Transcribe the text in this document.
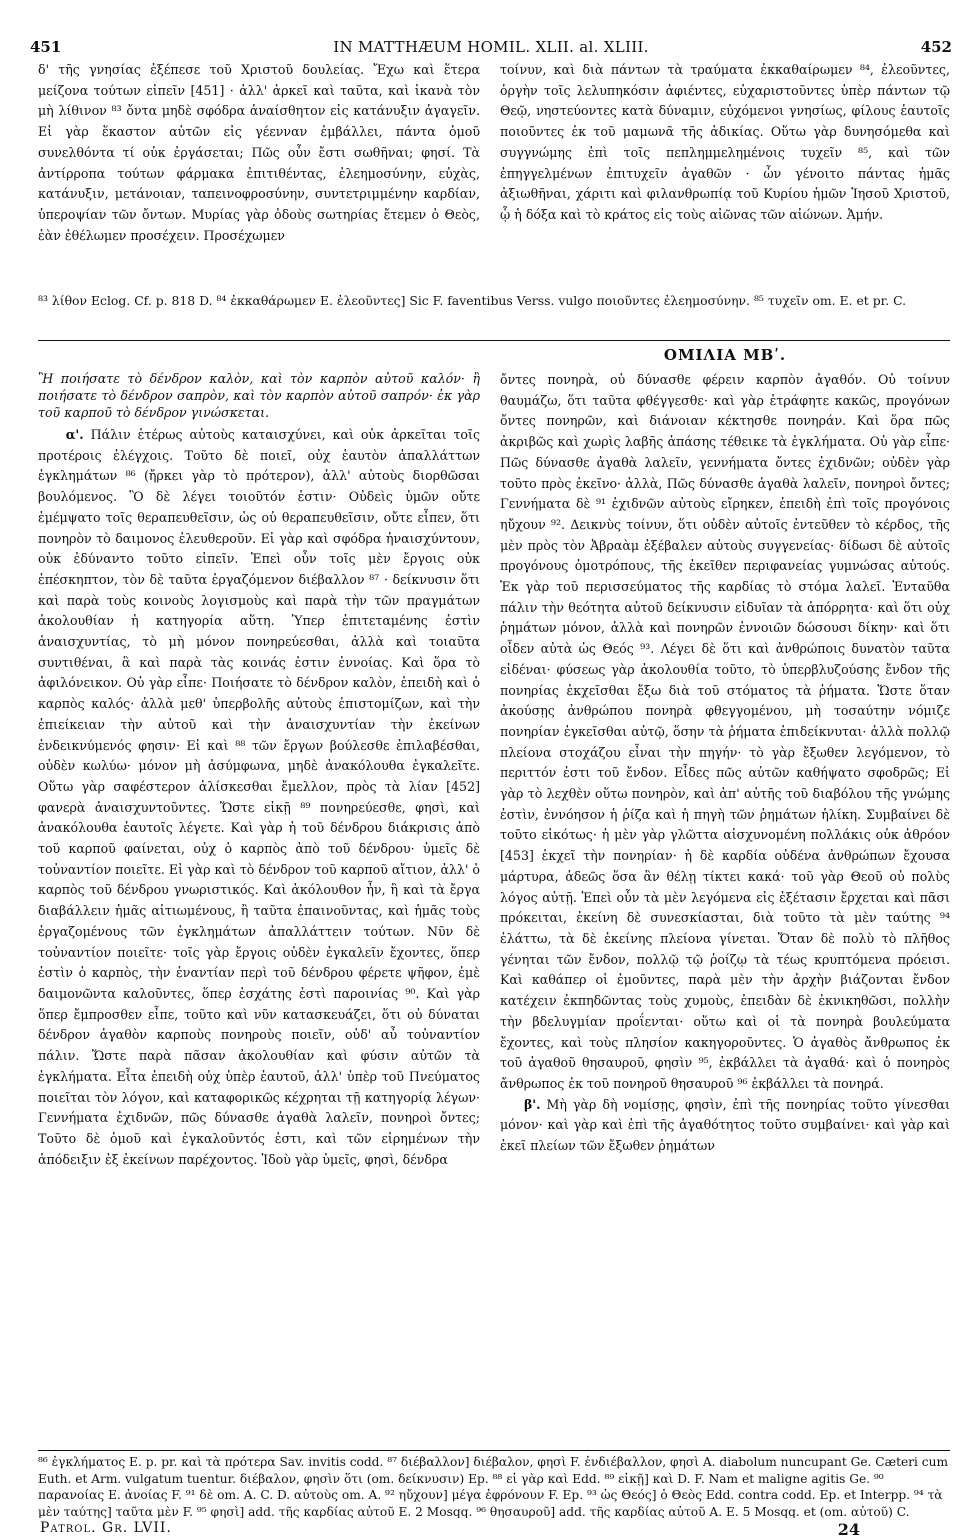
451	IN MATTHÆUM HOMIL. XLII. al. XLIII.	452

δ' τῆς γνησίας ἐξέπεσε τοῦ Χριστοῦ δουλείας. Ἔχω καὶ ἕτερα μείζονα τούτων εἰπεῖν [451] · ἀλλ' ἀρκεῖ καὶ ταῦτα, καὶ ἱκανὰ τὸν μὴ λίθινον ⁸³ ὄντα μηδὲ σφόδρα ἀναίσθητον εἰς κατάνυξιν ἀγαγεῖν. Εἰ γὰρ ἕκαστον αὐτῶν εἰς γέενναν ἐμβάλλει, πάντα ὁμοῦ συνελθόντα τί οὐκ ἐργάσεται; Πῶς οὖν ἔστι σωθῆναι; φησί. Τὰ ἀντίρροπα τούτων φάρμακα ἐπιτιθέντας, ἐλεημοσύνην, εὐχὰς, κατάνυξιν, μετάνοιαν, ταπεινοφροσύνην, συντετριμμένην καρδίαν, ὑπεροψίαν τῶν ὄντων. Μυρίας γὰρ ὁδοὺς σωτηρίας ἔτεμεν ὁ Θεὸς, ἐὰν ἐθέλωμεν προσέχειν. Προσέχωμεν

τοίνυν, καὶ διὰ πάντων τὰ τραύματα ἐκκαθαίρωμεν ⁸⁴, ἐλεοῦντες, ὀργὴν τοῖς λελυπηκόσιν ἀφιέντες, εὐχαριστοῦντες ὑπὲρ πάντων τῷ Θεῷ, νηστεύοντες κατὰ δύναμιν, εὐχόμενοι γνησίως, φίλους ἑαυτοῖς ποιοῦντες ἐκ τοῦ μαμωνᾶ τῆς ἀδικίας. Οὕτω γὰρ δυνησόμεθα καὶ συγγνώμης ἐπὶ τοῖς πεπλημμελημένοις τυχεῖν ⁸⁵, καὶ τῶν ἐπηγγελμένων ἐπιτυχεῖν ἀγαθῶν · ὧν γένοιτο πάντας ἡμᾶς ἀξιωθῆναι, χάριτι καὶ φιλανθρωπίᾳ τοῦ Κυρίου ἡμῶν Ἰησοῦ Χριστοῦ, ᾧ ἡ δόξα καὶ τὸ κράτος εἰς τοὺς αἰῶνας τῶν αἰώνων. Ἀμήν.

⁸³ λίθον Eclog. Cf. p. 818 D. ⁸⁴ ἐκκαθάρωμεν E. ἐλεοῦντες] Sic F. faventibus Verss. vulgo ποιοῦντες ἐλεημοσύνην. ⁸⁵ τυχεῖν om. E. et pr. C.
ΟΜΙΛΙΑ ΜΒʹ.

Ἢ ποιήσατε τὸ δένδρον καλὸν, καὶ τὸν καρπὸν αὐτοῦ καλόν· ἢ ποιήσατε τὸ δένδρον σαπρὸν, καὶ τὸν καρπὸν αὐτοῦ σαπρόν· ἐκ γὰρ τοῦ καρποῦ τὸ δένδρον γινώσκεται.

α'. Πάλιν ἑτέρως αὐτοὺς καταισχύνει, καὶ οὐκ ἀρκεῖται τοῖς προτέροις ἐλέγχοις. Τοῦτο δὲ ποιεῖ, οὐχ ἑαυτὸν ἀπαλλάττων ἐγκλημάτων ⁸⁶ (ἤρκει γὰρ τὸ πρότερον), ἀλλ' αὐτοὺς διορθῶσαι βουλόμενος. Ὃ δὲ λέγει τοιοῦτόν ἐστιν· Οὐδεὶς ὑμῶν οὔτε ἐμέμψατο τοῖς θεραπευθεῖσιν, ὡς οὐ θεραπευθεῖσιν, οὔτε εἶπεν, ὅτι πονηρὸν τὸ δαιμονος ἐλευθεροῦν. Εἰ γὰρ καὶ σφόδρα ἠναισχύντουν, οὐκ ἐδύναντο τοῦτο εἰπεῖν. Ἐπεὶ οὖν τοῖς μὲν ἔργοις οὐκ ἐπέσκηπτον, τὸν δὲ ταῦτα ἐργαζόμενον διέβαλλον ⁸⁷ · δείκνυσιν ὅτι καὶ παρὰ τοὺς κοινοὺς λογισμοὺς καὶ παρὰ τὴν τῶν πραγμάτων ἀκολουθίαν ἡ κατηγορία αὕτη. Ὑπερ ἐπιτεταμένης ἐστὶν ἀναισχυντίας, τὸ μὴ μόνον πονηρεύεσθαι, ἀλλὰ καὶ τοιαῦτα συντιθέναι, ἃ καὶ παρὰ τὰς κοινάς ἐστιν ἐννοίας. Καὶ ὅρα τὸ ἀφιλόνεικον. Οὐ γὰρ εἶπε· Ποιήσατε τὸ δένδρον καλὸν, ἐπειδὴ καὶ ὁ καρπὸς καλός· ἀλλὰ μεθ' ὑπερβολῆς αὐτοὺς ἐπιστομίζων, καὶ τὴν ἐπιείκειαν τὴν αὐτοῦ καὶ τὴν ἀναισχυντίαν τὴν ἐκείνων ἐνδεικνύμενός φησιν· Εἰ καὶ ⁸⁸ τῶν ἔργων βούλεσθε ἐπιλαβέσθαι, οὐδὲν κωλύω· μόνον μὴ ἀσύμφωνα, μηδὲ ἀνακόλουθα ἐγκαλεῖτε. Οὕτω γὰρ σαφέστερον ἁλίσκεσθαι ἔμελλον, πρὸς τὰ λίαν [452] φανερὰ ἀναισχυντοῦντες. Ὥστε εἰκῇ ⁸⁹ πονηρεύεσθε, φησὶ, καὶ ἀνακόλουθα ἑαυτοῖς λέγετε. Καὶ γὰρ ἡ τοῦ δένδρου διάκρισις ἀπὸ τοῦ καρποῦ φαίνεται, οὐχ ὁ καρπὸς ἀπὸ τοῦ δένδρου· ὑμεῖς δὲ τοὐναντίον ποιεῖτε. Εἰ γὰρ καὶ τὸ δένδρον τοῦ καρποῦ αἴτιον, ἀλλ' ὁ καρπὸς τοῦ δένδρου γνωριστικός. Καὶ ἀκόλουθον ἦν, ἢ καὶ τὰ ἔργα διαβάλλειν ἡμᾶς αἰτιωμένους, ἢ ταῦτα ἐπαινοῦντας, καὶ ἡμᾶς τοὺς ἐργαζομένους τῶν ἐγκλημάτων ἀπαλλάττειν τούτων. Νῦν δὲ τοὐναντίον ποιεῖτε· τοῖς γὰρ ἔργοις οὐδὲν ἐγκαλεῖν ἔχοντες, ὅπερ ἐστὶν ὁ καρπὸς, τὴν ἐναντίαν περὶ τοῦ δένδρου φέρετε ψῆφον, ἐμὲ δαιμονῶντα καλοῦντες, ὅπερ ἐσχάτης ἐστὶ παροινίας ⁹⁰. Καὶ γὰρ ὅπερ ἔμπροσθεν εἶπε, τοῦτο καὶ νῦν κατασκευάζει, ὅτι οὐ δύναται δένδρον ἀγαθὸν καρποὺς πονηροὺς ποιεῖν, οὐδ' αὖ τοὐναντίον πάλιν. Ὥστε παρὰ πᾶσαν ἀκολουθίαν καὶ φύσιν αὐτῶν τὰ ἐγκλήματα. Εἶτα ἐπειδὴ οὐχ ὑπὲρ ἑαυτοῦ, ἀλλ' ὑπὲρ τοῦ Πνεύματος ποιεῖται τὸν λόγον, καὶ καταφορικῶς κέχρηται τῇ κατηγορίᾳ λέγων· Γεννήματα ἐχιδνῶν, πῶς δύνασθε ἀγαθὰ λαλεῖν, πονηροὶ ὄντες; Τοῦτο δὲ ὁμοῦ καὶ ἐγκαλοῦντός ἐστι, καὶ τῶν εἰρημένων τὴν ἀπόδειξιν ἐξ ἐκείνων παρέχοντος. Ἰδοὺ γὰρ ὑμεῖς, φησὶ, δένδρα

ὄντες πονηρὰ, οὐ δύνασθε φέρειν καρπὸν ἀγαθόν. Οὐ τοίνυν θαυμάζω, ὅτι ταῦτα φθέγγεσθε· καὶ γὰρ ἐτράφητε κακῶς, προγόνων ὄντες πονηρῶν, καὶ διάνοιαν κέκτησθε πονηράν. Καὶ ὅρα πῶς ἀκριβῶς καὶ χωρὶς λαβῆς ἁπάσης τέθεικε τὰ ἐγκλήματα. Οὐ γὰρ εἶπε· Πῶς δύνασθε ἀγαθὰ λαλεῖν, γεννήματα ὄντες ἐχιδνῶν; οὐδὲν γὰρ τοῦτο πρὸς ἐκεῖνο· ἀλλὰ, Πῶς δύνασθε ἀγαθὰ λαλεῖν, πονηροὶ ὄντες; Γεννήματα δὲ ⁹¹ ἐχιδνῶν αὐτοὺς εἴρηκεν, ἐπειδὴ ἐπὶ τοῖς προγόνοις ηὔχουν ⁹². Δεικνὺς τοίνυν, ὅτι οὐδὲν αὐτοῖς ἐντεῦθεν τὸ κέρδος, τῆς μὲν πρὸς τὸν Ἀβραὰμ ἐξέβαλεν αὐτοὺς συγγενείας· δίδωσι δὲ αὐτοῖς προγόνους ὁμοτρόπους, τῆς ἐκεῖθεν περιφανείας γυμνώσας αὐτούς. Ἐκ γὰρ τοῦ περισσεύματος τῆς καρδίας τὸ στόμα λαλεῖ. Ἐνταῦθα πάλιν τὴν θεότητα αὐτοῦ δείκνυσιν εἰδυῖαν τὰ ἀπόρρητα· καὶ ὅτι οὐχ ῥημάτων μόνον, ἀλλὰ καὶ πονηρῶν ἐννοιῶν δώσουσι δίκην· καὶ ὅτι οἶδεν αὐτὰ ὡς Θεός ⁹³. Λέγει δὲ ὅτι καὶ ἀνθρώποις δυνατὸν ταῦτα εἰδέναι· φύσεως γὰρ ἀκολουθία τοῦτο, τὸ ὑπερβλυζούσης ἔνδον τῆς πονηρίας ἐκχεῖσθαι ἔξω διὰ τοῦ στόματος τὰ ῥήματα. Ὥστε ὅταν ἀκούσῃς ἀνθρώπου πονηρὰ φθεγγομένου, μὴ τοσαύτην νόμιζε πονηρίαν ἐγκεῖσθαι αὐτῷ, ὅσην τὰ ῥήματα ἐπιδείκνυται· ἀλλὰ πολλῷ πλείονα στοχάζου εἶναι τὴν πηγήν· τὸ γὰρ ἔξωθεν λεγόμενον, τὸ περιττόν ἐστι τοῦ ἔνδον. Εἶδες πῶς αὐτῶν καθήψατο σφοδρῶς; Εἰ γὰρ τὸ λεχθὲν οὕτω πονηρὸν, καὶ ἀπ' αὐτῆς τοῦ διαβόλου τῆς γνώμης ἐστὶν, ἐννόησον ἡ ῥίζα καὶ ἡ πηγὴ τῶν ῥημάτων ἡλίκη. Συμβαίνει δὲ τοῦτο εἰκότως· ἡ μὲν γὰρ γλῶττα αἰσχυνομένη πολλάκις οὐκ ἀθρόον [453] ἐκχεῖ τὴν πονηρίαν· ἡ δὲ καρδία οὐδένα ἀνθρώπων ἔχουσα μάρτυρα, ἀδεῶς ὅσα ἂν θέλῃ τίκτει κακά· τοῦ γὰρ Θεοῦ οὐ πολὺς λόγος αὐτῇ. Ἐπεὶ οὖν τὰ μὲν λεγόμενα εἰς ἐξέτασιν ἔρχεται καὶ πᾶσι πρόκειται, ἐκείνη δὲ συνεσκίασται, διὰ τοῦτο τὰ μὲν ταύτης ⁹⁴ ἐλάττω, τὰ δὲ ἐκείνης πλείονα γίνεται. Ὅταν δὲ πολὺ τὸ πλῆθος γένηται τῶν ἔνδον, πολλῷ τῷ ῥοίζῳ τὰ τέως κρυπτόμενα πρόεισι. Καὶ καθάπερ οἱ ἐμοῦντες, παρὰ μὲν τὴν ἀρχὴν βιάζονται ἔνδον κατέχειν ἐκπηδῶντας τοὺς χυμοὺς, ἐπειδὰν δὲ ἐκνικηθῶσι, πολλὴν τὴν βδελυγμίαν προΐενται· οὕτω καὶ οἱ τὰ πονηρὰ βουλεύματα ἔχοντες, καὶ τοὺς πλησίον κακηγοροῦντες. Ὁ ἀγαθὸς ἄνθρωπος ἐκ τοῦ ἀγαθοῦ θησαυροῦ, φησὶν ⁹⁵, ἐκβάλλει τὰ ἀγαθά· καὶ ὁ πονηρὸς ἄνθρωπος ἐκ τοῦ πονηροῦ θησαυροῦ ⁹⁶ ἐκβάλλει τὰ πονηρά.

β'. Μὴ γὰρ δὴ νομίσῃς, φησὶν, ἐπὶ τῆς πονηρίας τοῦτο γίνεσθαι μόνον· καὶ γὰρ καὶ ἐπὶ τῆς ἀγαθότητος τοῦτο συμβαίνει· καὶ γὰρ καὶ ἐκεῖ πλείων τῶν ἔξωθεν ῥημάτων

⁸⁶ ἐγκλήματος E. p. pr. καὶ τὰ πρότερα Sav. invitis codd. ⁸⁷ διέβαλλον] διέβαλον, φησὶ F. ἐνδιέβαλλον, φησὶ A. diabolum nuncupant Ge. Cæteri cum Euth. et Arm. vulgatum tuentur. διέβαλον, φησὶν ὅτι (om. δείκνυσιν) Ep. ⁸⁸ εἰ γὰρ καὶ Edd. ⁸⁹ εἰκῇ] καὶ D. F. Nam et maligne agitis Ge. ⁹⁰ παρανοίας E. ἀνοίας F. ⁹¹ δὲ om. A. C. D. αὐτοὺς om. A. ⁹² ηὔχουν] μέγα ἐφρόνουν F. Ep. ⁹³ ὡς Θεός] ὁ Θεὸς Edd. contra codd. Ep. et Interpp. ⁹⁴ τὰ μὲν ταύτης] ταῦτα μὲν F. ⁹⁵ φησὶ] add. τῆς καρδίας αὐτοῦ E. 2 Mosqq. ⁹⁶ θησαυροῦ] add. τῆς καρδίας αὐτοῦ A. E. 5 Mosqq. et (om. αὐτοῦ) C.
Patrol. Gr. LVII.	24
